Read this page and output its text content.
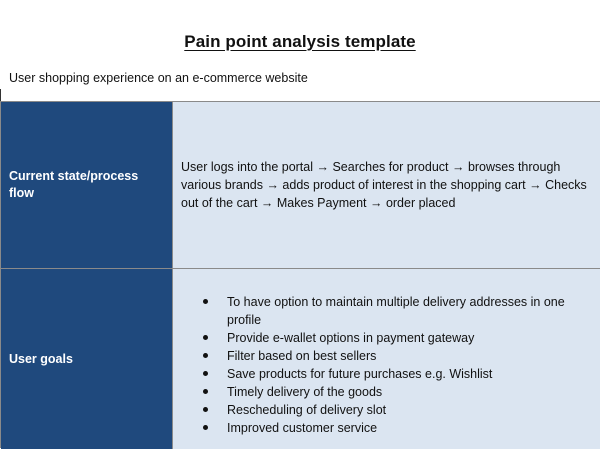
Pain point analysis template
User shopping experience on an e-commerce website
Current state/process flow
User logs into the portal → Searches for product → browses through various brands → adds product of interest in the shopping cart → Checks out of the cart → Makes Payment → order placed
User goals
To have option to maintain multiple delivery addresses in one profile
Provide e-wallet options in payment gateway
Filter based on best sellers
Save products for future purchases e.g. Wishlist
Timely delivery of the goods
Rescheduling of delivery slot
Improved customer service
